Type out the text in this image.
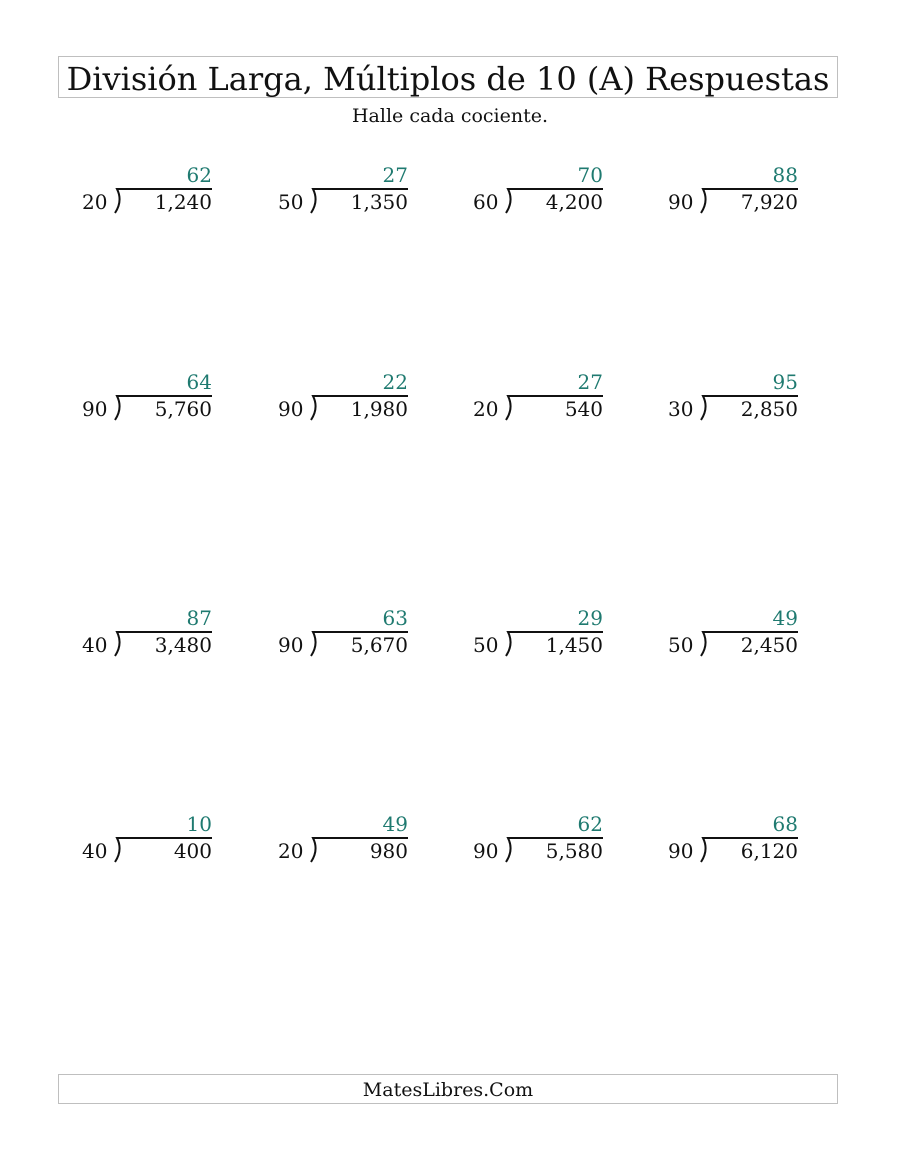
División Larga, Múltiplos de 10 (A) Respuestas
Halle cada cociente.
62
20 1,240
27
50 1,350
70
60 4,200
88
90 7,920
64
90 5,760
22
90 1,980
27
20	540
95
30 2,850
87
40 3,480
63
90 5,670
29
50 1,450
49
50 2,450
10
40	400
49
20	980
62
90 5,580
68
90 6,120
MatesLibres.Com
